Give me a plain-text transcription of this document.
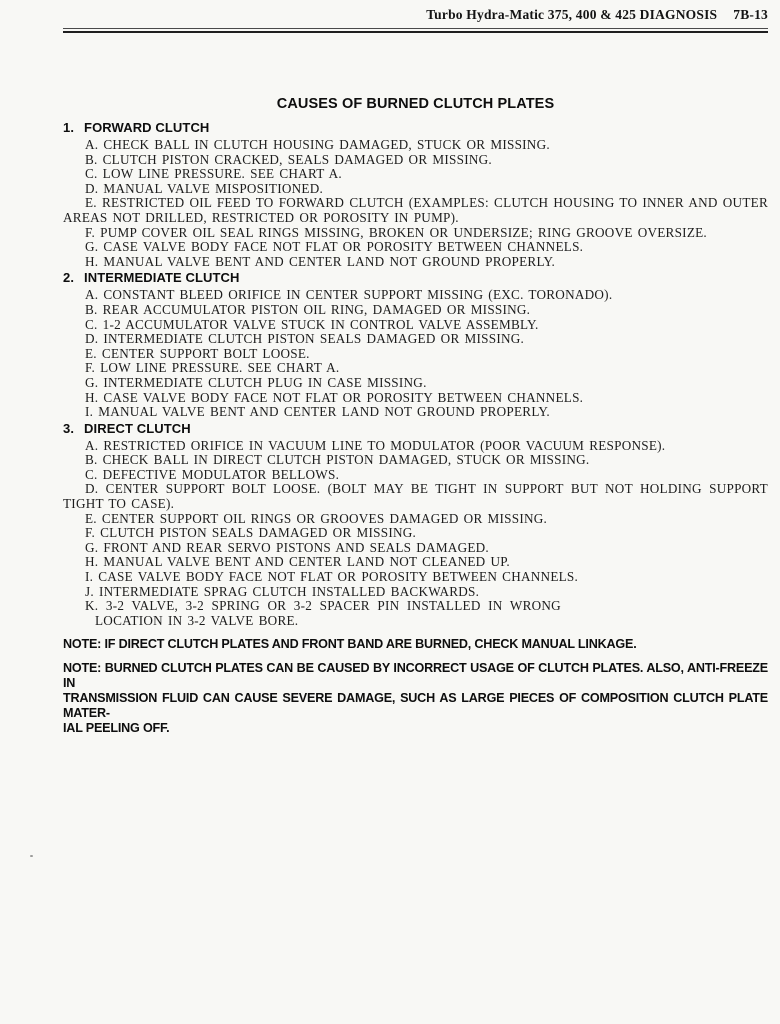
Turbo Hydra-Matic 375, 400 & 425 DIAGNOSIS 7B-13
CAUSES OF BURNED CLUTCH PLATES
1. FORWARD CLUTCH

A. CHECK BALL IN CLUTCH HOUSING DAMAGED, STUCK OR MISSING.

B. CLUTCH PISTON CRACKED, SEALS DAMAGED OR MISSING.

C. LOW LINE PRESSURE. SEE CHART A.

D. MANUAL VALVE MISPOSITIONED.

E. RESTRICTED OIL FEED TO FORWARD CLUTCH (EXAMPLES: CLUTCH HOUSING TO INNER AND OUTER

AREAS NOT DRILLED, RESTRICTED OR POROSITY IN PUMP).

F. PUMP COVER OIL SEAL RINGS MISSING, BROKEN OR UNDERSIZE; RING GROOVE OVERSIZE.

G. CASE VALVE BODY FACE NOT FLAT OR POROSITY BETWEEN CHANNELS.

H. MANUAL VALVE BENT AND CENTER LAND NOT GROUND PROPERLY.

2. INTERMEDIATE CLUTCH

A. CONSTANT BLEED ORIFICE IN CENTER SUPPORT MISSING (EXC. TORONADO).

B. REAR ACCUMULATOR PISTON OIL RING, DAMAGED OR MISSING.

C. 1-2 ACCUMULATOR VALVE STUCK IN CONTROL VALVE ASSEMBLY.

D. INTERMEDIATE CLUTCH PISTON SEALS DAMAGED OR MISSING.

E. CENTER SUPPORT BOLT LOOSE.

F. LOW LINE PRESSURE. SEE CHART A.

G. INTERMEDIATE CLUTCH PLUG IN CASE MISSING.

H. CASE VALVE BODY FACE NOT FLAT OR POROSITY BETWEEN CHANNELS.

I. MANUAL VALVE BENT AND CENTER LAND NOT GROUND PROPERLY.

3. DIRECT CLUTCH

A. RESTRICTED ORIFICE IN VACUUM LINE TO MODULATOR (POOR VACUUM RESPONSE).

B. CHECK BALL IN DIRECT CLUTCH PISTON DAMAGED, STUCK OR MISSING.

C. DEFECTIVE MODULATOR BELLOWS.

D. CENTER SUPPORT BOLT LOOSE. (BOLT MAY BE TIGHT IN SUPPORT BUT NOT HOLDING SUPPORT

TIGHT TO CASE).

E. CENTER SUPPORT OIL RINGS OR GROOVES DAMAGED OR MISSING.

F. CLUTCH PISTON SEALS DAMAGED OR MISSING.

G. FRONT AND REAR SERVO PISTONS AND SEALS DAMAGED.

H. MANUAL VALVE BENT AND CENTER LAND NOT CLEANED UP.

I. CASE VALVE BODY FACE NOT FLAT OR POROSITY BETWEEN CHANNELS.

J. INTERMEDIATE SPRAG CLUTCH INSTALLED BACKWARDS.

K. 3-2 VALVE, 3-2 SPRING OR 3-2 SPACER PIN INSTALLED IN WRONG

LOCATION IN 3-2 VALVE BORE.

NOTE: IF DIRECT CLUTCH PLATES AND FRONT BAND ARE BURNED, CHECK MANUAL LINKAGE.

NOTE: BURNED CLUTCH PLATES CAN BE CAUSED BY INCORRECT USAGE OF CLUTCH PLATES. ALSO, ANTI-FREEZE IN

TRANSMISSION FLUID CAN CAUSE SEVERE DAMAGE, SUCH AS LARGE PIECES OF COMPOSITION CLUTCH PLATE MATER-

IAL PEELING OFF.
